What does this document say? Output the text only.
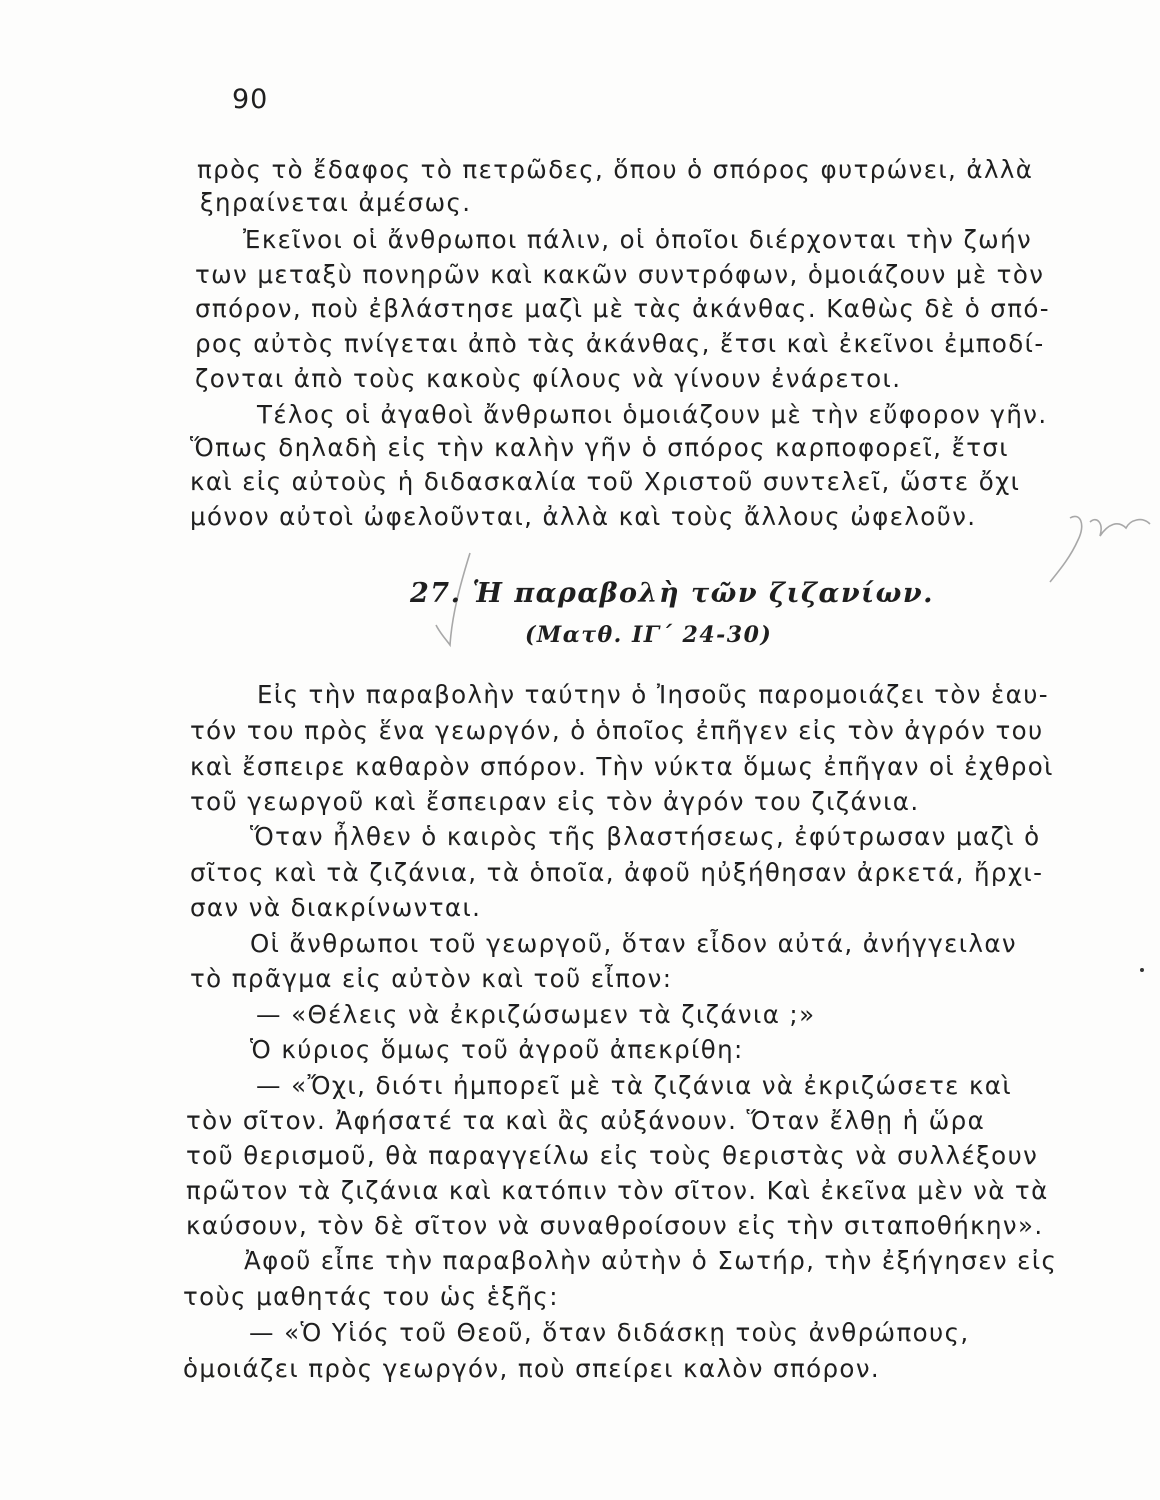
90
πρὸς τὸ ἔδαφος τὸ πετρῶδες, ὅπου ὁ σπόρος φυτρώνει, ἀλλὰ
ξηραίνεται ἀμέσως.
Ἐκεῖνοι οἱ ἄνθρωποι πάλιν, οἱ ὁποῖοι διέρχονται τὴν ζωήν
των μεταξὺ πονηρῶν καὶ κακῶν συντρόφων, ὁμοιάζουν μὲ τὸν
σπόρον, ποὺ ἐβλάστησε μαζὶ μὲ τὰς ἀκάνθας. Καθὼς δὲ ὁ σπό-
ρος αὐτὸς πνίγεται ἀπὸ τὰς ἀκάνθας, ἔτσι καὶ ἐκεῖνοι ἐμποδί-
ζονται ἀπὸ τοὺς κακοὺς φίλους νὰ γίνουν ἐνάρετοι.
Τέλος οἱ ἀγαθοὶ ἄνθρωποι ὁμοιάζουν μὲ τὴν εὔφορον γῆν.
Ὅπως δηλαδὴ εἰς τὴν καλὴν γῆν ὁ σπόρος καρποφορεῖ, ἔτσι
καὶ εἰς αὐτοὺς ἡ διδασκαλία τοῦ Χριστοῦ συντελεῖ, ὥστε ὄχι
μόνον αὐτοὶ ὠφελοῦνται, ἀλλὰ καὶ τοὺς ἄλλους ὠφελοῦν.
27. Ἡ παραβολὴ τῶν ζιζανίων.
(Ματθ. ΙΓ΄ 24-30)
Εἰς τὴν παραβολὴν ταύτην ὁ Ἰησοῦς παρομοιάζει τὸν ἑαυ-
τόν του πρὸς ἕνα γεωργόν, ὁ ὁποῖος ἐπῆγεν εἰς τὸν ἀγρόν του
καὶ ἔσπειρε καθαρὸν σπόρον. Τὴν νύκτα ὅμως ἐπῆγαν οἱ ἐχθροὶ
τοῦ γεωργοῦ καὶ ἔσπειραν εἰς τὸν ἀγρόν του ζιζάνια.
Ὅταν ἦλθεν ὁ καιρὸς τῆς βλαστήσεως, ἐφύτρωσαν μαζὶ ὁ
σῖτος καὶ τὰ ζιζάνια, τὰ ὁποῖα, ἀφοῦ ηὐξήθησαν ἀρκετά, ἤρχι-
σαν νὰ διακρίνωνται.
Οἱ ἄνθρωποι τοῦ γεωργοῦ, ὅταν εἶδον αὐτά, ἀνήγγειλαν
τὸ πρᾶγμα εἰς αὐτὸν καὶ τοῦ εἶπον:
— «Θέλεις νὰ ἐκριζώσωμεν τὰ ζιζάνια ;»
Ὁ κύριος ὅμως τοῦ ἀγροῦ ἀπεκρίθη:
— «Ὄχι, διότι ἠμπορεῖ μὲ τὰ ζιζάνια νὰ ἐκριζώσετε καὶ
τὸν σῖτον. Ἀφήσατέ τα καὶ ἂς αὐξάνουν. Ὅταν ἔλθῃ ἡ ὥρα
τοῦ θερισμοῦ, θὰ παραγγείλω εἰς τοὺς θεριστὰς νὰ συλλέξουν
πρῶτον τὰ ζιζάνια καὶ κατόπιν τὸν σῖτον. Καὶ ἐκεῖνα μὲν νὰ τὰ
καύσουν, τὸν δὲ σῖτον νὰ συναθροίσουν εἰς τὴν σιταποθήκην».
Ἀφοῦ εἶπε τὴν παραβολὴν αὐτὴν ὁ Σωτήρ, τὴν ἐξήγησεν εἰς
τοὺς μαθητάς του ὡς ἑξῆς:
— «Ὁ Υἱός τοῦ Θεοῦ, ὅταν διδάσκῃ τοὺς ἀνθρώπους,
ὁμοιάζει πρὸς γεωργόν, ποὺ σπείρει καλὸν σπόρον.
